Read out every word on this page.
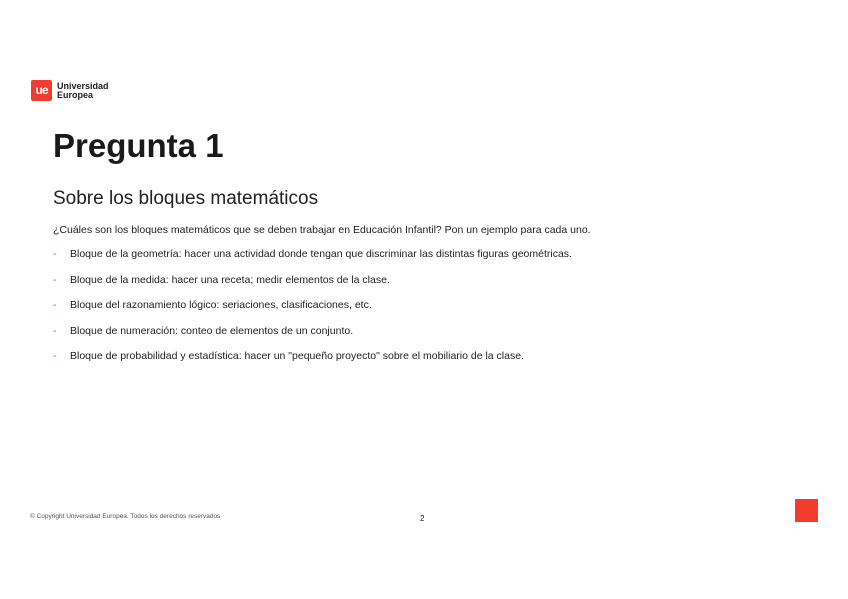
ue	Universidad
Europea
Pregunta 1
Sobre los bloques matemáticos

¿Cuáles son los bloques matemáticos que se deben trabajar en Educación Infantil? Pon un ejemplo para cada uno.

-	Bloque de la geometría: hacer una actividad donde tengan que discriminar las distintas figuras geométricas.
-	Bloque de la medida: hacer una receta; medir elementos de la clase.
-	Bloque del razonamiento lógico: seriaciones, clasificaciones, etc.
-	Bloque de numeración: conteo de elementos de un conjunto.
-	Bloque de probabilidad y estadística: hacer un "pequeño proyecto" sobre el mobiliario de la clase.
© Copyright Universidad Europea. Todos los derechos reservados	2
